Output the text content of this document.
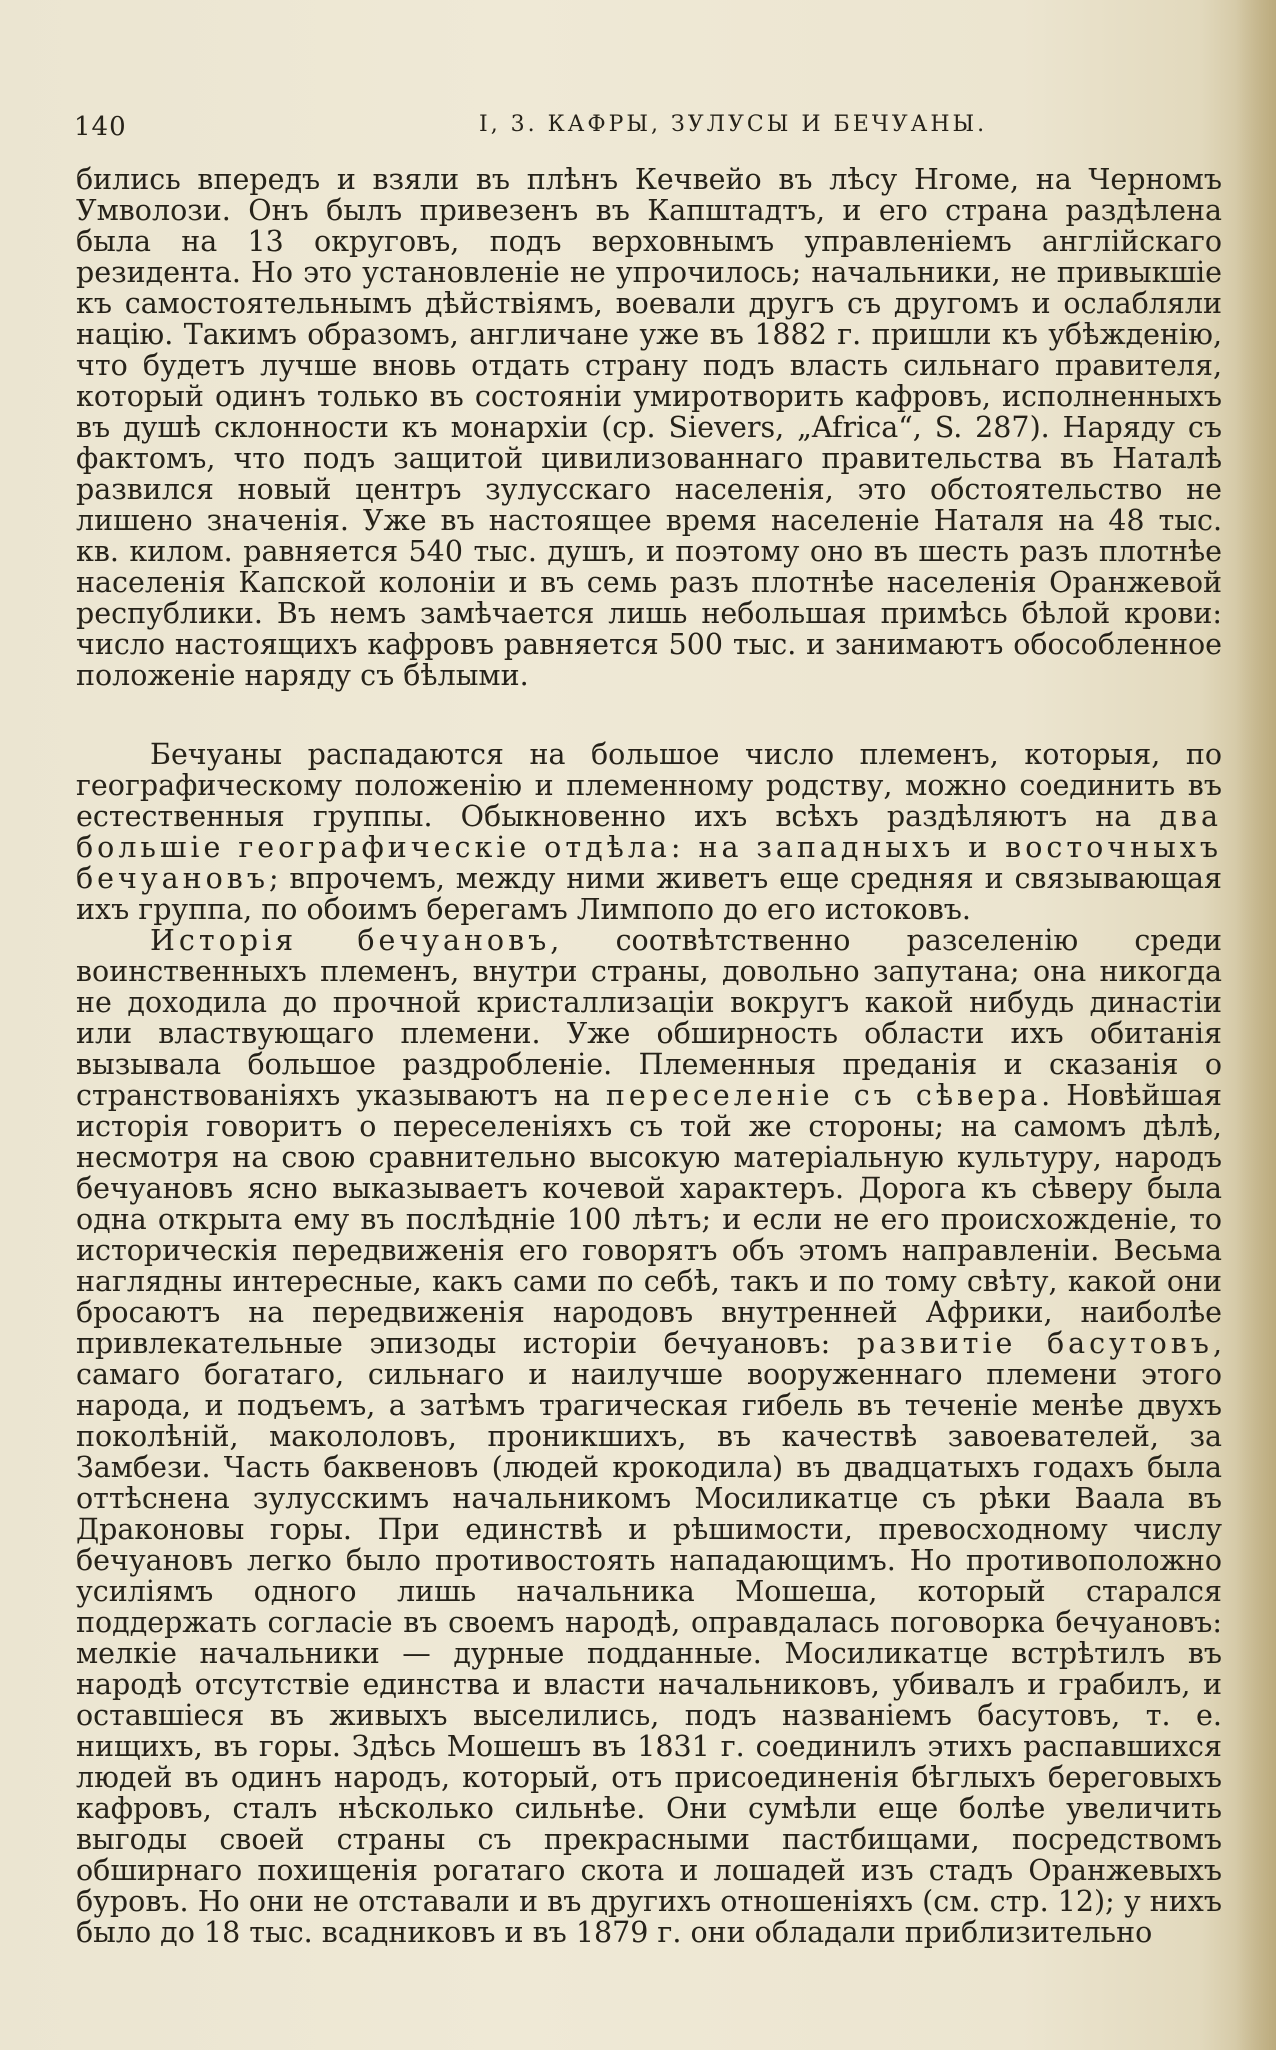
140	I, 3. КАФРЫ, ЗУЛУСЫ И БЕЧУАНЫ.

бились впередъ и взяли въ плѣнъ Кечвейо въ лѣсу Нгоме, на Черномъ Умволози. Онъ былъ привезенъ въ Капштадтъ, и его страна раздѣлена была на 13 округовъ, подъ верховнымъ управленіемъ англійскаго резидента. Но это установленіе не упрочилось; начальники, не привыкшіе къ самостоятельнымъ дѣйствіямъ, воевали другъ съ другомъ и ослабляли націю. Такимъ образомъ, англичане уже въ 1882 г. пришли къ убѣжденію, что будетъ лучше вновь отдать страну подъ власть сильнаго правителя, который одинъ только въ состояніи умиротворить кафровъ, исполненныхъ въ душѣ склонности къ монархіи (ср. Sievers, „Africa“, S. 287). Наряду съ фактомъ, что подъ защитой цивилизованнаго правительства въ Наталѣ развился новый центръ зулусскаго населенія, это обстоятельство не лишено значенія. Уже въ настоящее время населеніе Наталя на 48 тыс. кв. килом. равняется 540 тыс. душъ, и поэтому оно въ шесть разъ плотнѣе населенія Капской колоніи и въ семь разъ плотнѣе населенія Оранжевой республики. Въ немъ замѣчается лишь небольшая примѣсь бѣлой крови: число настоящихъ кафровъ равняется 500 тыс. и занимаютъ обособленное положеніе наряду съ бѣлыми.

Бечуаны распадаются на большое число племенъ, которыя, по географическому положенію и племенному родству, можно соединить въ естественныя группы. Обыкновенно ихъ всѣхъ раздѣляютъ на два большіе географическіе отдѣла: на западныхъ и восточныхъ бечуановъ; впрочемъ, между ними живетъ еще средняя и связывающая ихъ группа, по обоимъ берегамъ Лимпопо до его истоковъ.

Исторія бечуановъ, соотвѣтственно разселенію среди воинственныхъ племенъ, внутри страны, довольно запутана; она никогда не доходила до прочной кристаллизаціи вокругъ какой нибудь династіи или властвующаго племени. Уже обширность области ихъ обитанія вызывала большое раздробленіе. Племенныя преданія и сказанія о странствованіяхъ указываютъ на переселеніе съ сѣвера. Новѣйшая исторія говоритъ о переселеніяхъ съ той же стороны; на самомъ дѣлѣ, несмотря на свою сравнительно высокую матеріальную культуру, народъ бечуановъ ясно выказываетъ кочевой характеръ. Дорога къ сѣверу была одна открыта ему въ послѣдніе 100 лѣтъ; и если не его происхожденіе, то историческія передвиженія его говорятъ объ этомъ направленіи. Весьма наглядны интересные, какъ сами по себѣ, такъ и по тому свѣту, какой они бросаютъ на передвиженія народовъ внутренней Африки, наиболѣе привлекательные эпизоды исторіи бечуановъ: развитіе басутовъ, самаго богатаго, сильнаго и наилучше вооруженнаго племени этого народа, и подъемъ, а затѣмъ трагическая гибель въ теченіе менѣе двухъ поколѣній, макололовъ, проникшихъ, въ качествѣ завоевателей, за Замбези. Часть баквеновъ (людей крокодила) въ двадцатыхъ годахъ была оттѣснена зулусскимъ начальникомъ Мосиликатце съ рѣки Ваала въ Драконовы горы. При единствѣ и рѣшимости, превосходному числу бечуановъ легко было противостоять нападающимъ. Но противоположно усиліямъ одного лишь начальника Мошеша, который старался поддержать согласіе въ своемъ народѣ, оправдалась поговорка бечуановъ: мелкіе начальники — дурные подданные. Мосиликатце встрѣтилъ въ народѣ отсутствіе единства и власти начальниковъ, убивалъ и грабилъ, и оставшіеся въ живыхъ выселились, подъ названіемъ басутовъ, т. е. нищихъ, въ горы. Здѣсь Мошешъ въ 1831 г. соединилъ этихъ распавшихся людей въ одинъ народъ, который, отъ присоединенія бѣглыхъ береговыхъ кафровъ, сталъ нѣсколько сильнѣе. Они сумѣли еще болѣе увеличить выгоды своей страны съ прекрасными пастбищами, посредствомъ обширнаго похищенія рогатаго скота и лошадей изъ стадъ Оранжевыхъ буровъ. Но они не отставали и въ другихъ отношеніяхъ (см. стр. 12); у нихъ было до 18 тыс. всадниковъ и въ 1879 г. они обладали приблизительно
